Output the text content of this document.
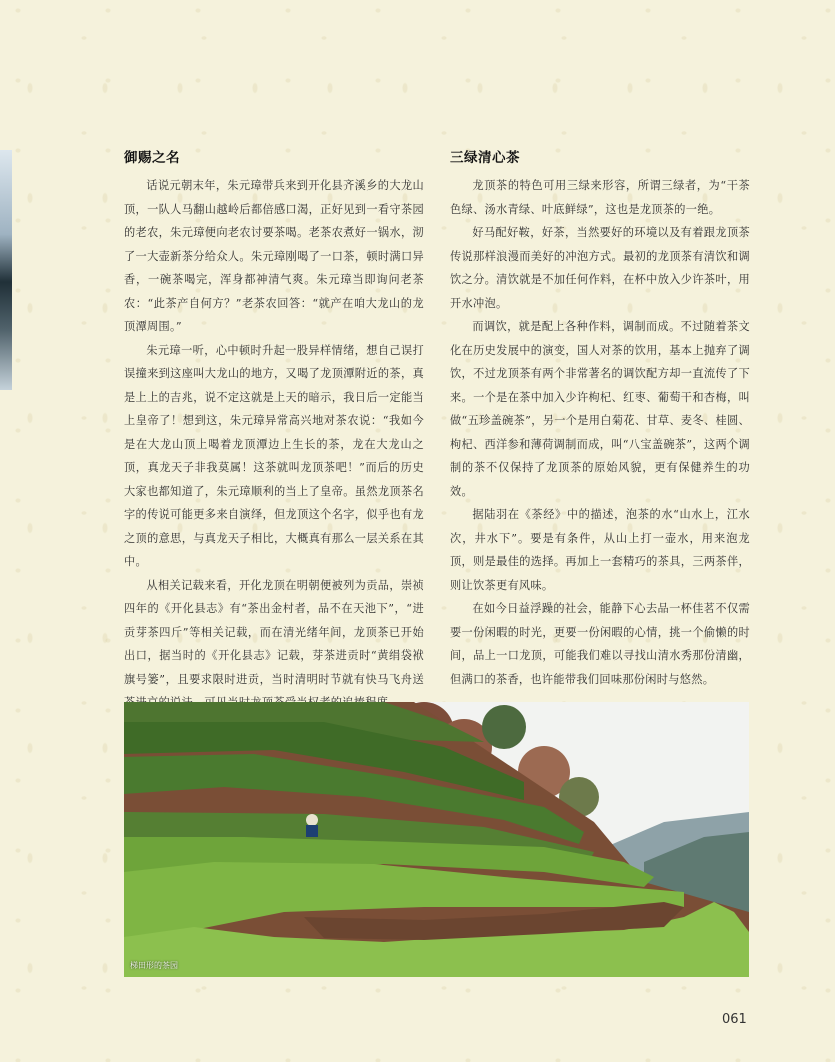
御赐之名

话说元朝末年，朱元璋带兵来到开化县齐溪乡的大龙山顶，一队人马翻山越岭后都倍感口渴，正好见到一看守茶园的老农，朱元璋便向老农讨要茶喝。老茶农煮好一锅水，沏了一大壶新茶分给众人。朱元璋刚喝了一口茶，顿时满口异香，一碗茶喝完，浑身都神清气爽。朱元璋当即询问老茶农：“此茶产自何方？”老茶农回答：“就产在咱大龙山的龙顶潭周围。”

朱元璋一听，心中顿时升起一股异样情绪，想自己误打误撞来到这座叫大龙山的地方，又喝了龙顶潭附近的茶，真是上上的吉兆，说不定这就是上天的暗示，我日后一定能当上皇帝了！想到这，朱元璋异常高兴地对茶农说：“我如今是在大龙山顶上喝着龙顶潭边上生长的茶，龙在大龙山之顶，真龙天子非我莫属！这茶就叫龙顶茶吧！”而后的历史大家也都知道了，朱元璋顺利的当上了皇帝。虽然龙顶茶名字的传说可能更多来自演绎，但龙顶这个名字，似乎也有龙之顶的意思，与真龙天子相比，大概真有那么一层关系在其中。

从相关记载来看，开化龙顶在明朝便被列为贡品，崇祯四年的《开化县志》有“茶出金村者，品不在天池下”，“进贡芽茶四斤”等相关记载，而在清光绪年间，龙顶茶已开始出口，据当时的《开化县志》记载，芽茶进贡时“黄绢袋袱旗号篓”，且要求限时进贡，当时清明时节就有快马飞舟送

三绿清心茶

龙顶茶的特色可用三绿来形容，所谓三绿者，为“干茶色绿、汤水青绿、叶底鲜绿”，这也是龙顶茶的一绝。

好马配好鞍，好茶，当然要好的环境以及有着跟龙顶茶传说那样浪漫而美好的冲泡方式。最初的龙顶茶有清饮和调饮之分。清饮就是不加任何作料，在杯中放入少许茶叶，用开水冲泡。

而调饮，就是配上各种作料，调制而成。不过随着茶文化在历史发展中的演变，国人对茶的饮用，基本上抛弃了调饮，不过龙顶茶有两个非常著名的调饮配方却一直流传了下来。一个是在茶中加入少许枸杞、红枣、葡萄干和杏梅，叫做“五珍盖碗茶”，另一个是用白菊花、甘草、麦冬、桂圆、枸杞、西洋参和薄荷调制而成，叫“八宝盖碗茶”，这两个调制的茶不仅保持了龙顶茶的原始风貌，更有保健养生的功效。

据陆羽在《茶经》中的描述，泡茶的水“山水上，江水次，井水下”。要是有条件，从山上打一壶水，用来泡龙顶，则是最佳的选择。再加上一套精巧的茶具，三两茶伴，则让饮茶更有风味。

在如今日益浮躁的社会，能静下心去品一杯佳茗不仅需要一份闲暇的时光，更要一份闲暇的心情，挑一个偷懒的时间，品上一口龙顶，可能我们难以寻找山清水秀那份清幽，但满口的茶香，也许能带我们回味那份闲时与悠然。

梯田形的茶园
061
